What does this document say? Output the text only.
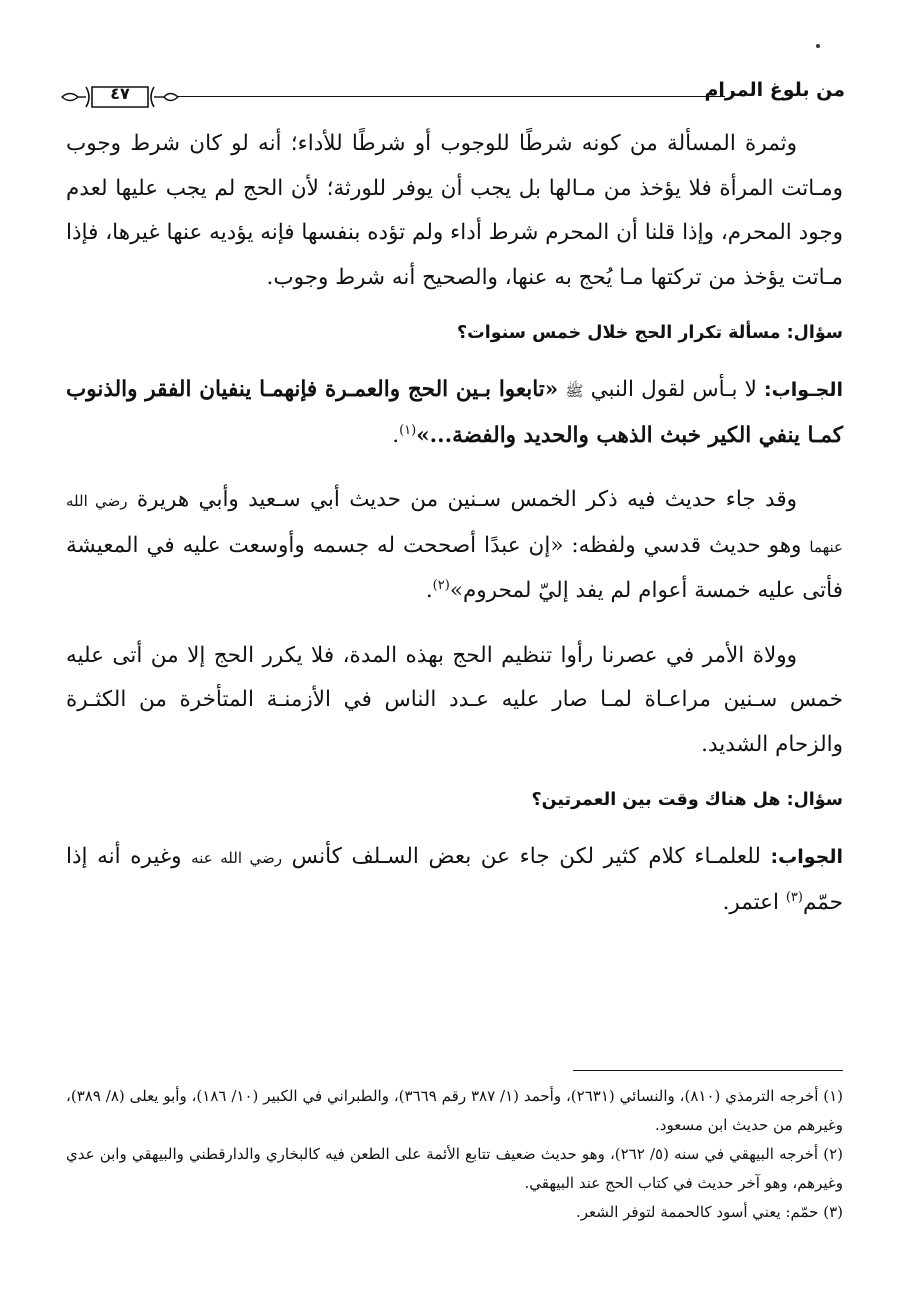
من بلوغ المرام
٤٧

وثمرة المسألة من كونه شرطًا للوجوب أو شرطًا للأداء؛ أنه لو كان شرط وجوب ومـاتت المرأة فلا يؤخذ من مـالها بل يجب أن يوفر للورثة؛ لأن الحج لم يجب عليها لعدم وجود المحرم، وإذا قلنا أن المحرم شرط أداء ولم تؤده بنفسها فإنه يؤديه عنها غيرها، فإذا مـاتت يؤخذ من تركتها مـا يُحج به عنها، والصحيح أنه شرط وجوب.

سؤال: مسألة تكرار الحج خلال خمس سنوات؟

الجـواب: لا بـأس لقول النبي ﷺ «تابعوا بـين الحج والعمـرة فإنهمـا ينفيان الفقر والذنوب كمـا ينفي الكير خبث الذهب والحديد والفضة...»$^{(١)}$.

وقد جاء حديث فيه ذكر الخمس سـنين من حديث أبي سـعيد وأبي هريرة رضي الله عنهما وهو حديث قدسي ولفظه: «إن عبدًا أصححت له جسمه وأوسعت عليه في المعيشة فأتى عليه خمسة أعوام لم يفد إليّ لمحروم»$^{(٢)}$.

وولاة الأمر في عصرنا رأوا تنظيم الحج بهذه المدة، فلا يكرر الحج إلا من أتى عليه خمس سـنين مراعـاة لمـا صار عليه عـدد الناس في الأزمنـة المتأخرة من الكثـرة والزحام الشديد.

سؤال: هل هناك وقت بين العمرتين؟

الجواب: للعلمـاء كلام كثير لكن جاء عن بعض السـلف كأنس رضي الله عنه وغيره أنه إذا حمّم$^{(٣)}$ اعتمر.

(١) أخرجه الترمذي (٨١٠)، والنسائي (٢٦٣١)، وأحمد (١/ ٣٨٧ رقم ٣٦٦٩)، والطبراني في الكبير (١٠/ ١٨٦)، وأبو يعلى (٨/ ٣٨٩)، وغيرهم من حديث ابن مسعود.

(٢) أخرجه البيهقي في سنه (٥/ ٢٦٢)، وهو حديث ضعيف تتابع الأئمة على الطعن فيه كالبخاري والدارقطني والبيهقي وابن عدي وغيرهم، وهو آخر حديث في كتاب الحج عند البيهقي.

(٣) حمّم: يعني أسود كالحممة لتوفر الشعر.
